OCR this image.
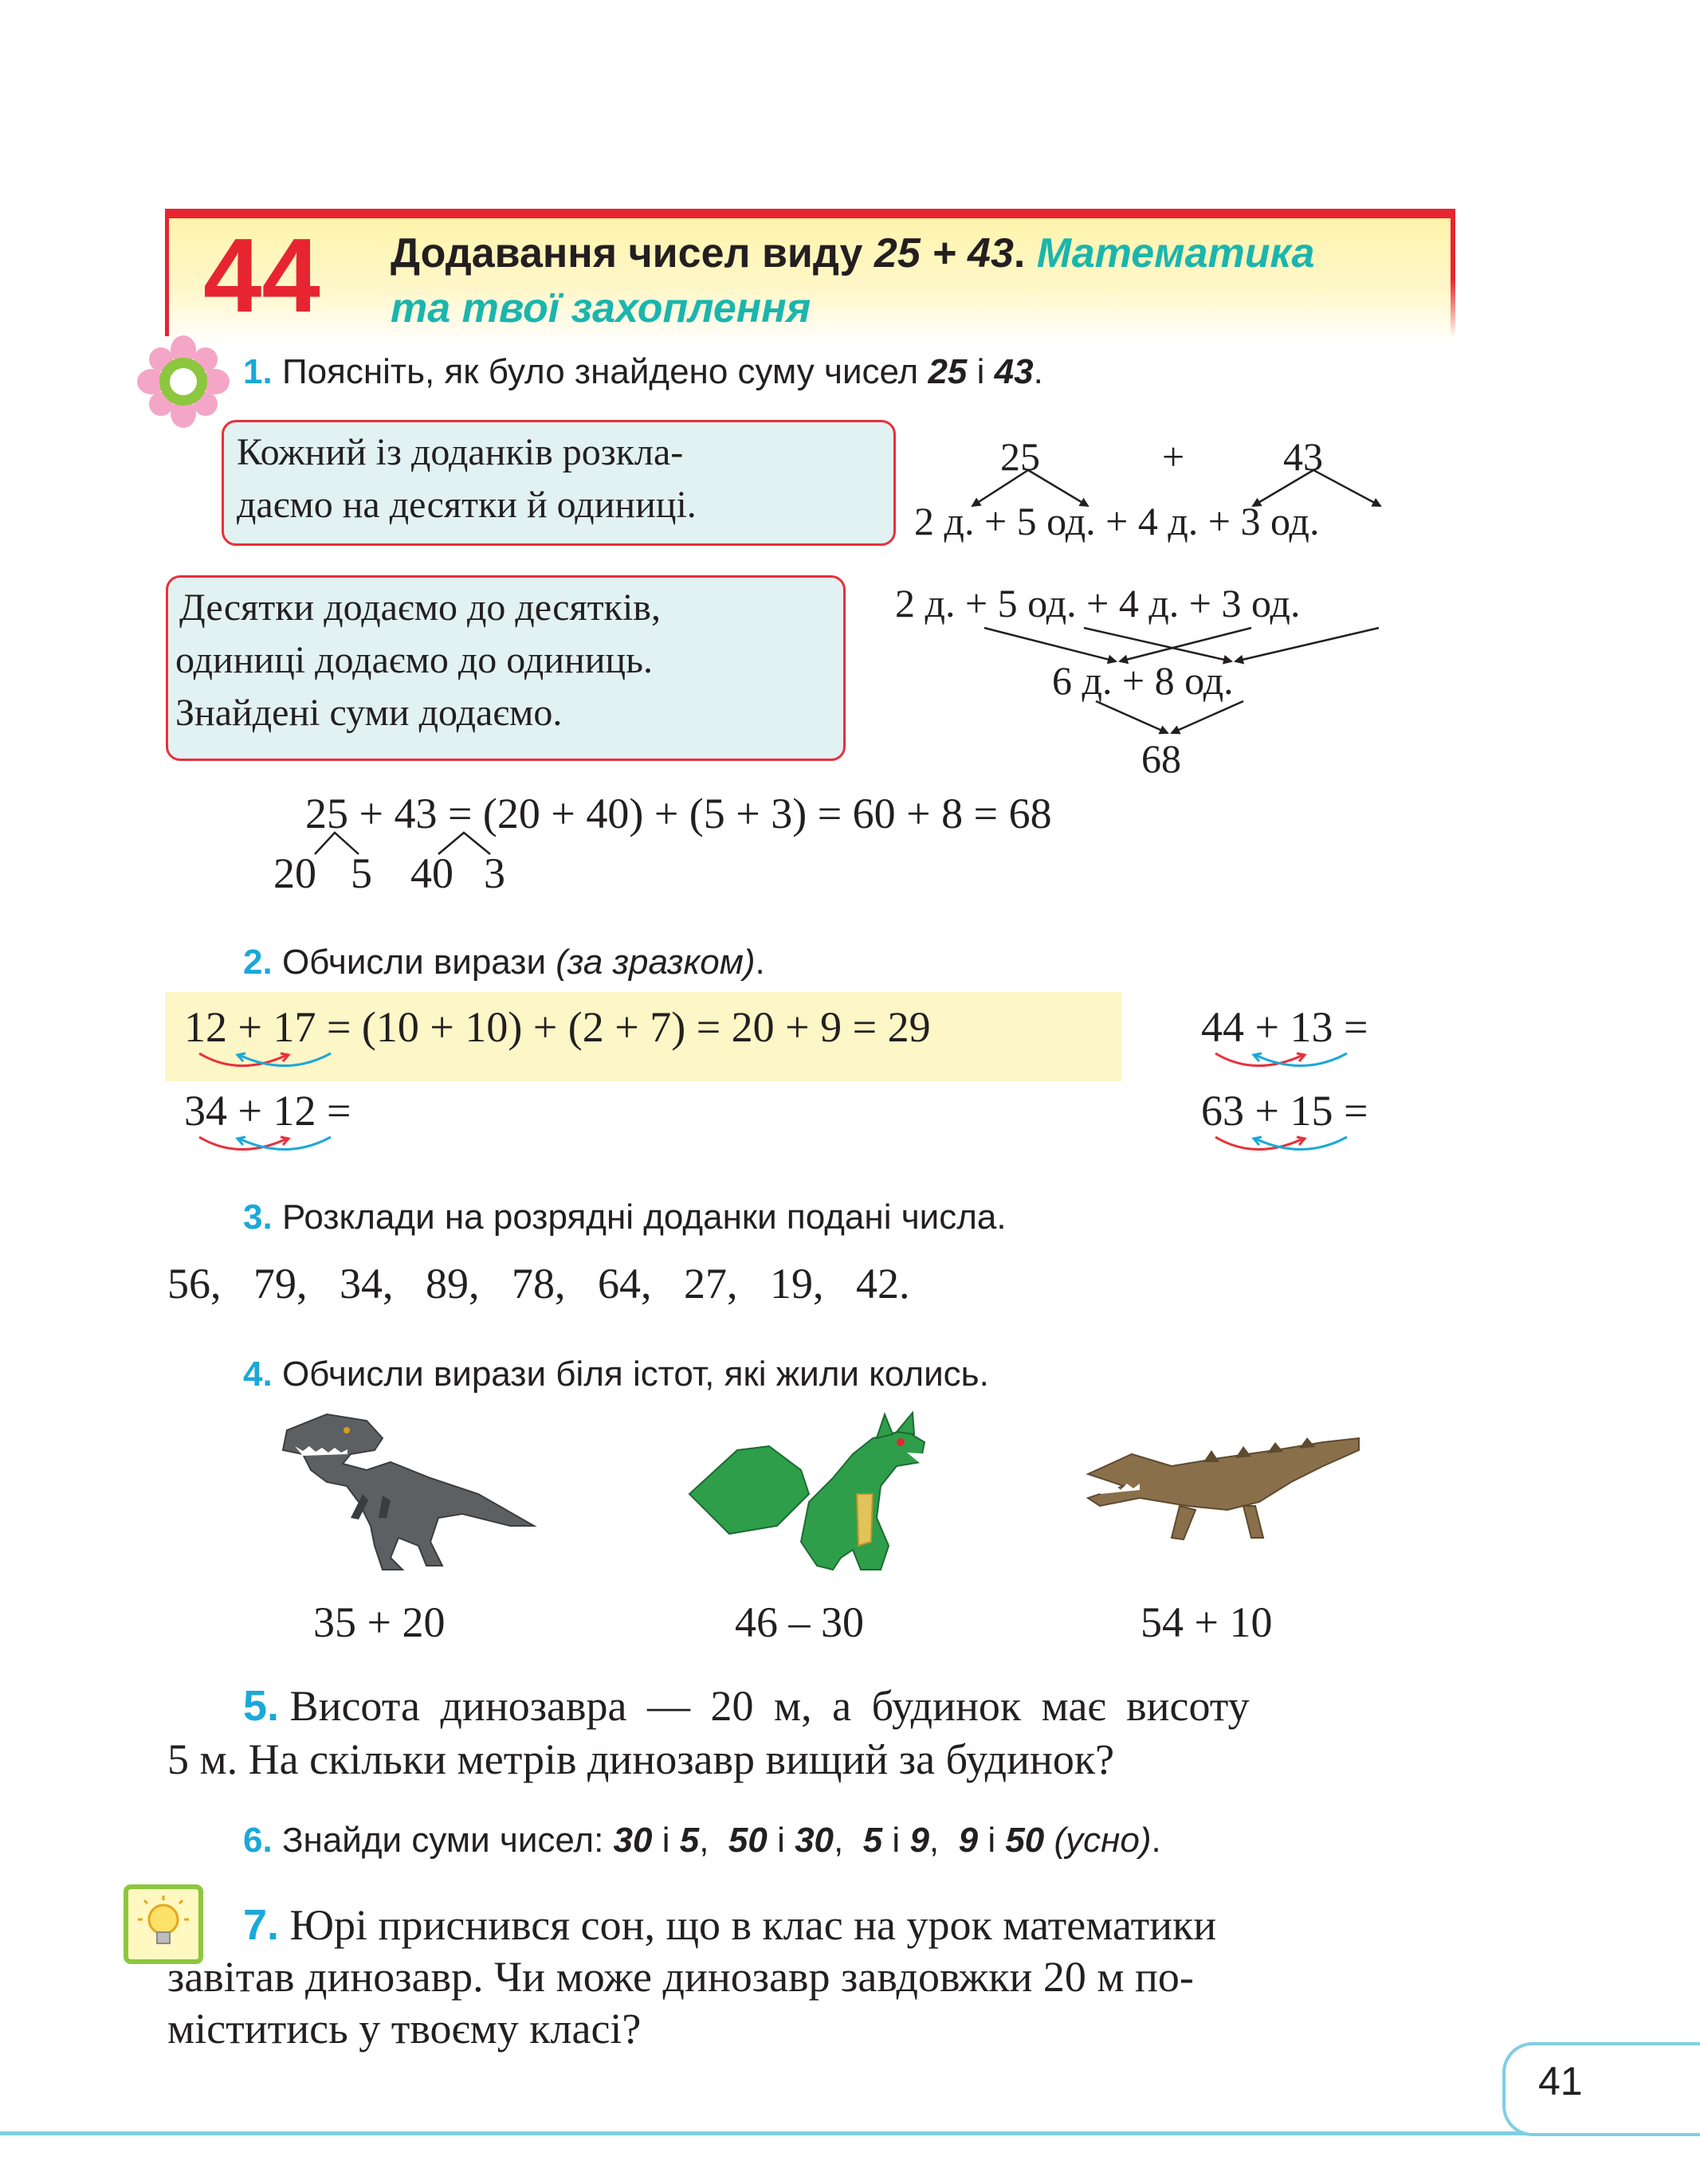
44 Додавання чисел виду 25 + 43. Математика
та твої захоплення
1. Поясніть, як було знайдено суму чисел 25 і 43.
Кожний із доданків розкла-
даємо на десятки й одиниці.
Десятки додаємо до десятків,
одиниці додаємо до одиниць.
Знайдені суми додаємо.
25	+ 43
2 д. + 5 од. + 4 д. + 3 од.
2 д. + 5 од. + 4 д. + 3 од.
6 д. + 8 од.
68
25 + 43 = (20 + 40) + (5 + 3) = 60 + 8 = 68
20 5 40 3
2. Обчисли вирази (за зразком).
12 + 17 = (10 + 10) + (2 + 7) = 20 + 9 = 29	44 + 13 =
34 + 12 =	63 + 15 =
3. Розклади на розрядні доданки подані числа.
56,   79,   34,   89,   78,   64,   27,   19,   42.
4. Обчисли вирази біля істот, які жили колись.
35 + 20	46 – 30	54 + 10
5. Висота динозавра — 20 м, а будинок має висоту
5 м. На скільки метрів динозавр вищий за будинок?
6. Знайди суми чисел: 30 і 5,  50 і 30,  5 і 9,  9 і 50 (усно).
7. Юрі приснився сон, що в клас на урок математики
завітав динозавр. Чи може динозавр завдовжки 20 м по-
міститись у твоєму класі?
41
